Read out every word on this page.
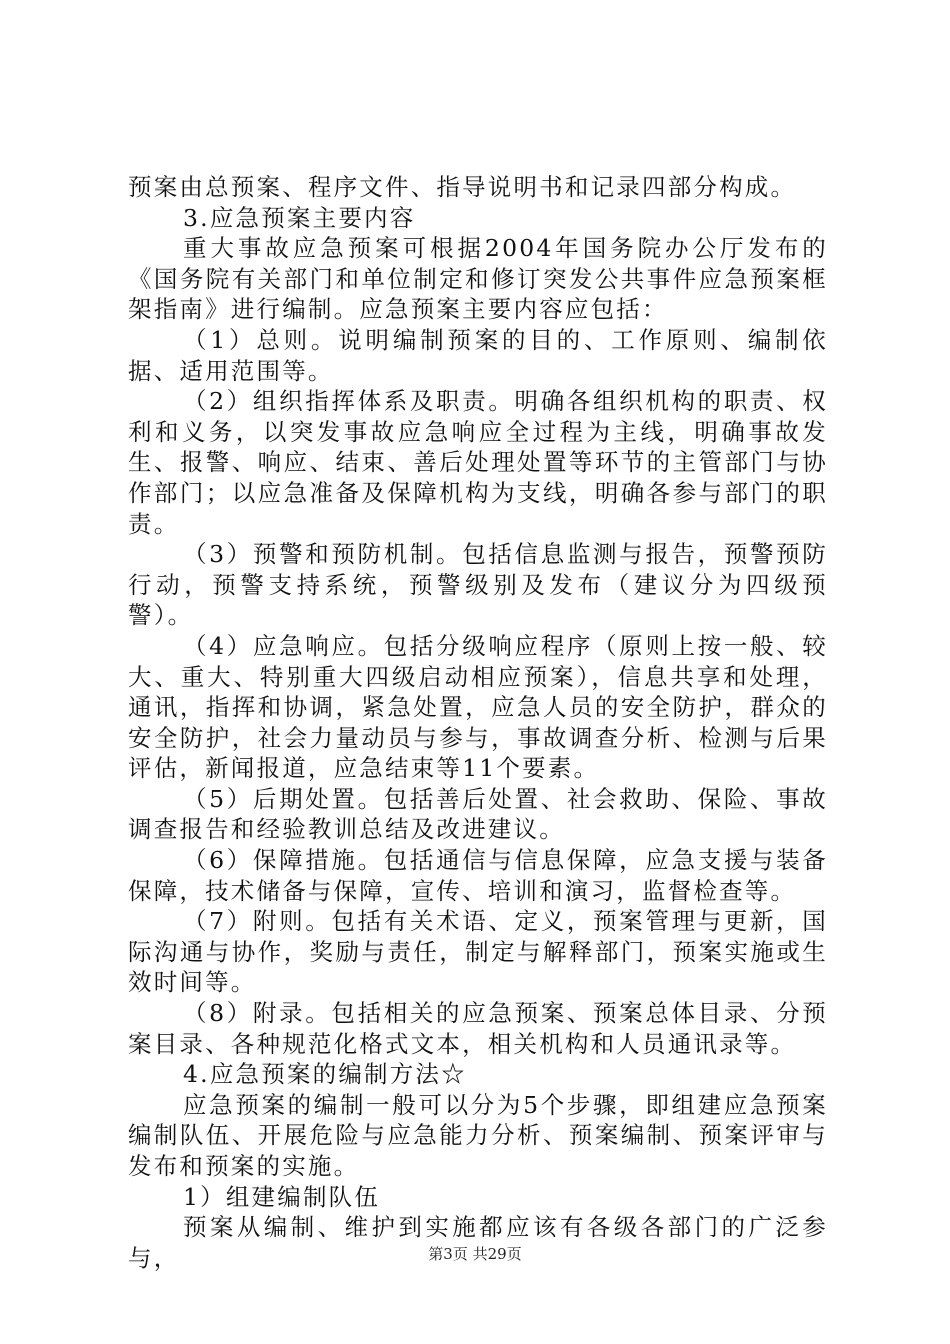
预案由总预案、程序文件、指导说明书和记录四部分构成。

3.应急预案主要内容

重大事故应急预案可根据2004年国务院办公厅发布的《国务院有关部门和单位制定和修订突发公共事件应急预案框架指南》进行编制。应急预案主要内容应包括：

（1）总则。说明编制预案的目的、工作原则、编制依据、适用范围等。

（2）组织指挥体系及职责。明确各组织机构的职责、权利和义务，以突发事故应急响应全过程为主线，明确事故发生、报警、响应、结束、善后处理处置等环节的主管部门与协作部门；以应急准备及保障机构为支线，明确各参与部门的职责。

（3）预警和预防机制。包括信息监测与报告，预警预防行动，预警支持系统，预警级别及发布（建议分为四级预警）。

（4）应急响应。包括分级响应程序（原则上按一般、较大、重大、特别重大四级启动相应预案），信息共享和处理，通讯，指挥和协调，紧急处置，应急人员的安全防护，群众的安全防护，社会力量动员与参与，事故调查分析、检测与后果评估，新闻报道，应急结束等11个要素。

（5）后期处置。包括善后处置、社会救助、保险、事故调查报告和经验教训总结及改进建议。

（6）保障措施。包括通信与信息保障，应急支援与装备保障，技术储备与保障，宣传、培训和演习，监督检查等。

（7）附则。包括有关术语、定义，预案管理与更新，国际沟通与协作，奖励与责任，制定与解释部门，预案实施或生效时间等。

（8）附录。包括相关的应急预案、预案总体目录、分预案目录、各种规范化格式文本，相关机构和人员通讯录等。

4.应急预案的编制方法☆

应急预案的编制一般可以分为5个步骤，即组建应急预案编制队伍、开展危险与应急能力分析、预案编制、预案评审与发布和预案的实施。

1）组建编制队伍

预案从编制、维护到实施都应该有各级各部门的广泛参与，	第3页 共29页
